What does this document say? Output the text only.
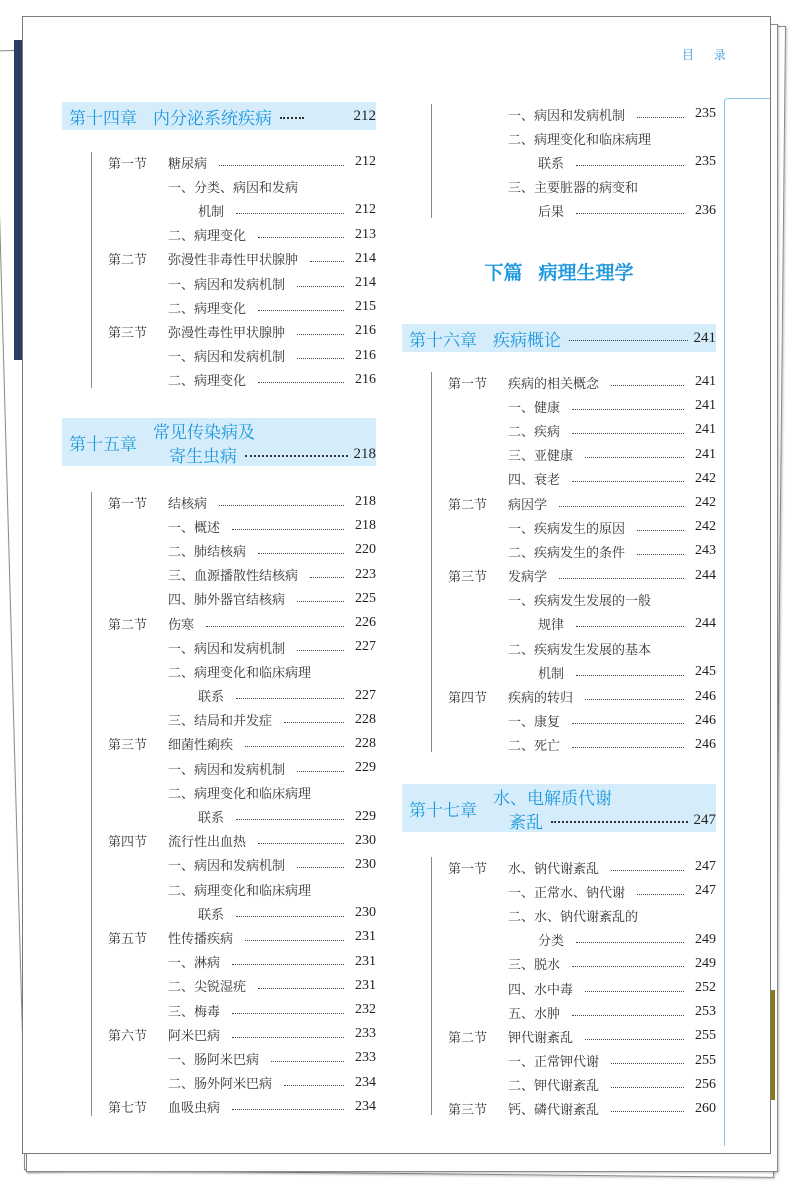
目 录
第十四章 内分泌系统疾病	212
第一节	糖尿病	212
一、分类、病因和发病
机制	212
二、病理变化	213
第二节	弥漫性非毒性甲状腺肿	214
一、病因和发病机制	214
二、病理变化	215
第三节	弥漫性毒性甲状腺肿	216
一、病因和发病机制	216
二、病理变化	216
第十五章
常见传染病及
寄生虫病	218
第一节	结核病	218
一、概述	218
二、肺结核病	220
三、血源播散性结核病	223
四、肺外器官结核病	225
第二节	伤寒	226
一、病因和发病机制	227
二、病理变化和临床病理
联系	227
三、结局和并发症	228
第三节	细菌性痢疾	228
一、病因和发病机制	229
二、病理变化和临床病理
联系	229
第四节	流行性出血热	230
一、病因和发病机制	230
二、病理变化和临床病理
联系	230
第五节	性传播疾病	231
一、淋病	231
二、尖锐湿疣	231
三、梅毒	232
第六节	阿米巴病	233
一、肠阿米巴病	233
二、肠外阿米巴病	234
第七节	血吸虫病	234
一、病因和发病机制	235
二、病理变化和临床病理
联系	235
三、主要脏器的病变和
后果	236
下篇 病理生理学
第十六章 疾病概论	241
第一节	疾病的相关概念	241
一、健康	241
二、疾病	241
三、亚健康	241
四、衰老	242
第二节	病因学	242
一、疾病发生的原因	242
二、疾病发生的条件	243
第三节	发病学	244
一、疾病发生发展的一般
规律	244
二、疾病发生发展的基本
机制	245
第四节	疾病的转归	246
一、康复	246
二、死亡	246
第十七章
水、电解质代谢
紊乱	247
第一节	水、钠代谢紊乱	247
一、正常水、钠代谢	247
二、水、钠代谢紊乱的
分类	249
三、脱水	249
四、水中毒	252
五、水肿	253
第二节	钾代谢紊乱	255
一、正常钾代谢	255
二、钾代谢紊乱	256
第三节	钙、磷代谢紊乱	260
